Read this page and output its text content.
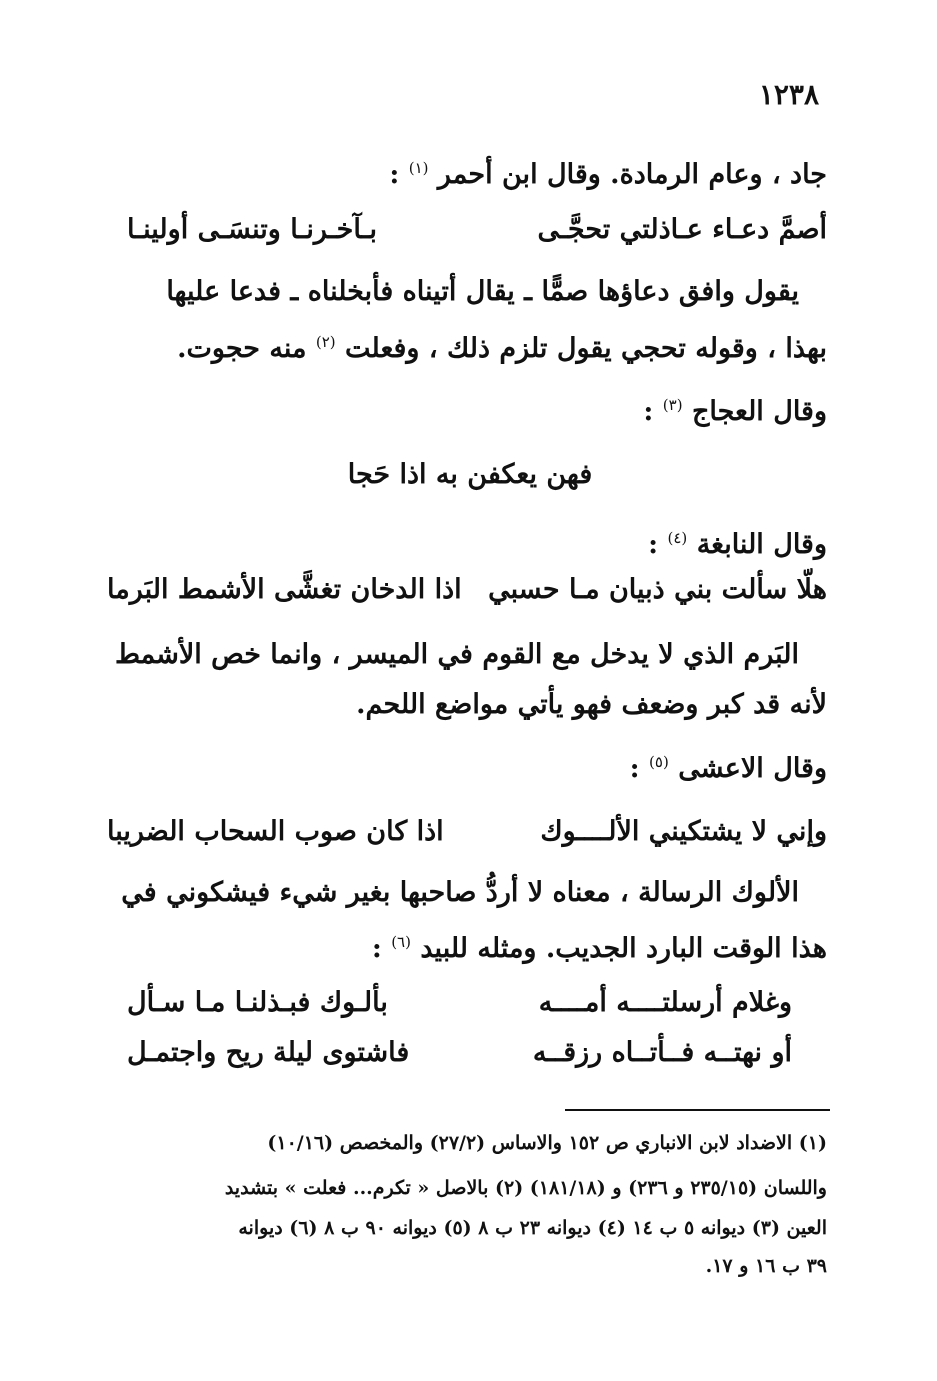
١٢٣٨
جاد ، وعام الرمادة. وقال ابن أحمر $^{(١)}$ :
أصمَّ دعـاء عـاذلتي تحجَّـى
بـآخـرنـا وتنسَـى أولينـا
يقول وافق دعاؤها صمًّا ـ يقال أتيناه فأبخلناه ـ فدعا عليها
بهذا ، وقوله تحجي يقول تلزم ذلك ، وفعلت $^{(٢)}$ منه حجوت.
وقال العجاج $^{(٣)}$ :
فهن يعكفن به اذا حَجا
وقال النابغة $^{(٤)}$ :
هلّا سألت بني ذبيان مـا حسبي
اذا الدخان تغشَّى الأشمط البَرما
البَرم الذي لا يدخل مع القوم في الميسر ، وانما خص الأشمط
لأنه قد كبر وضعف فهو يأتي مواضع اللحم.
وقال الاعشى $^{(٥)}$ :
وإني لا يشتكيني الألــــوك
اذا كان صوب السحاب الضريبا
الألوك الرسالة ، معناه لا أردُّ صاحبها بغير شيء فيشكوني في
هذا الوقت البارد الجديب. ومثله للبيد $^{(٦)}$ :
وغلام أرسلتــــه أمــــه
بألـوك فبـذلنـا مـا سـأل
أو نهتــه فــأتــاه رزقــه
فاشتوى ليلة ريح واجتمـل
(١) الاضداد لابن الانباري ص ١٥٢ والاساس (٢٧/٢) والمخصص (١٠/١٦)
واللسان (٢٣٥/١٥ و ٢٣٦) و (١٨١/١٨) (٢) بالاصل « تكرم... فعلت » بتشديد
العين (٣) ديوانه ٥ ب ١٤ (٤) ديوانه ٢٣ ب ٨ (٥) ديوانه ٩٠ ب ٨ (٦) ديوانه
٣٩ ب ١٦ و ١٧.
